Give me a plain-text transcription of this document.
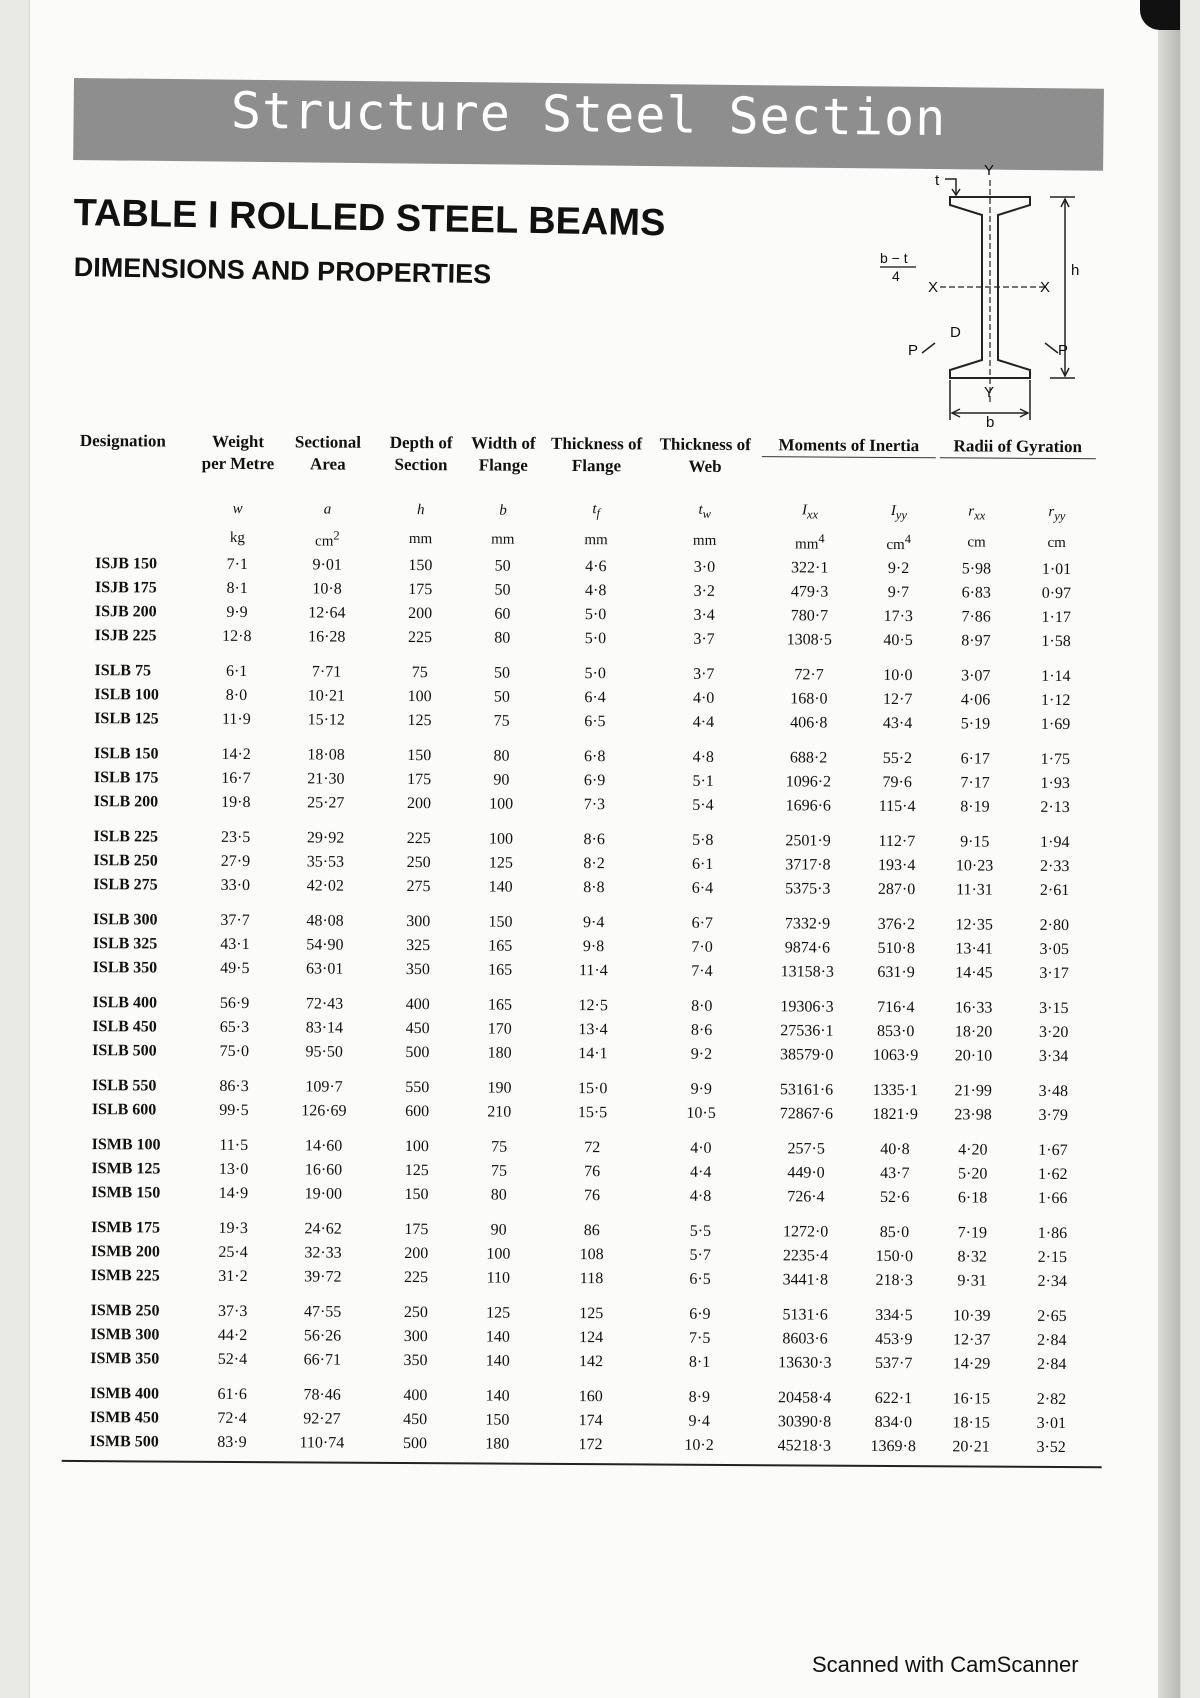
Structure Steel Section
TABLE I ROLLED STEEL BEAMS
DIMENSIONS AND PROPERTIES
t
Y
b − t
4
X	X
h
D
P	P
Y
b
Designation	Weight per Metre	Sectional Area	Depth of Section	Width of Flange	Thickness of Flange	Thickness of Web	Moments of Inertia		Radii of Gyration	

	w	a	h	b	$t_f$	$t_w$	$I_{xx}$	$I_{yy}$	$r_{xx}$	$r_{yy}$
	kg	$cm^2$	mm	mm	mm	mm	$mm^4$	$cm^4$	cm	cm
ISJB 150	7·1	9·01	150	50	4·6	3·0	322·1	9·2	5·98	1·01
ISJB 175	8·1	10·8	175	50	4·8	3·2	479·3	9·7	6·83	0·97
ISJB 200	9·9	12·64	200	60	5·0	3·4	780·7	17·3	7·86	1·17
ISJB 225	12·8	16·28	225	80	5·0	3·7	1308·5	40·5	8·97	1·58
ISLB 75	6·1	7·71	75	50	5·0	3·7	72·7	10·0	3·07	1·14
ISLB 100	8·0	10·21	100	50	6·4	4·0	168·0	12·7	4·06	1·12
ISLB 125	11·9	15·12	125	75	6·5	4·4	406·8	43·4	5·19	1·69
ISLB 150	14·2	18·08	150	80	6·8	4·8	688·2	55·2	6·17	1·75
ISLB 175	16·7	21·30	175	90	6·9	5·1	1096·2	79·6	7·17	1·93
ISLB 200	19·8	25·27	200	100	7·3	5·4	1696·6	115·4	8·19	2·13
ISLB 225	23·5	29·92	225	100	8·6	5·8	2501·9	112·7	9·15	1·94
ISLB 250	27·9	35·53	250	125	8·2	6·1	3717·8	193·4	10·23	2·33
ISLB 275	33·0	42·02	275	140	8·8	6·4	5375·3	287·0	11·31	2·61
ISLB 300	37·7	48·08	300	150	9·4	6·7	7332·9	376·2	12·35	2·80
ISLB 325	43·1	54·90	325	165	9·8	7·0	9874·6	510·8	13·41	3·05
ISLB 350	49·5	63·01	350	165	11·4	7·4	13158·3	631·9	14·45	3·17
ISLB 400	56·9	72·43	400	165	12·5	8·0	19306·3	716·4	16·33	3·15
ISLB 450	65·3	83·14	450	170	13·4	8·6	27536·1	853·0	18·20	3·20
ISLB 500	75·0	95·50	500	180	14·1	9·2	38579·0	1063·9	20·10	3·34
ISLB 550	86·3	109·7	550	190	15·0	9·9	53161·6	1335·1	21·99	3·48
ISLB 600	99·5	126·69	600	210	15·5	10·5	72867·6	1821·9	23·98	3·79
ISMB 100	11·5	14·60	100	75	72	4·0	257·5	40·8	4·20	1·67
ISMB 125	13·0	16·60	125	75	76	4·4	449·0	43·7	5·20	1·62
ISMB 150	14·9	19·00	150	80	76	4·8	726·4	52·6	6·18	1·66
ISMB 175	19·3	24·62	175	90	86	5·5	1272·0	85·0	7·19	1·86
ISMB 200	25·4	32·33	200	100	108	5·7	2235·4	150·0	8·32	2·15
ISMB 225	31·2	39·72	225	110	118	6·5	3441·8	218·3	9·31	2·34
ISMB 250	37·3	47·55	250	125	125	6·9	5131·6	334·5	10·39	2·65
ISMB 300	44·2	56·26	300	140	124	7·5	8603·6	453·9	12·37	2·84
ISMB 350	52·4	66·71	350	140	142	8·1	13630·3	537·7	14·29	2·84
ISMB 400	61·6	78·46	400	140	160	8·9	20458·4	622·1	16·15	2·82
ISMB 450	72·4	92·27	450	150	174	9·4	30390·8	834·0	18·15	3·01
ISMB 500	83·9	110·74	500	180	172	10·2	45218·3	1369·8	20·21	3·52
Scanned with CamScanner
